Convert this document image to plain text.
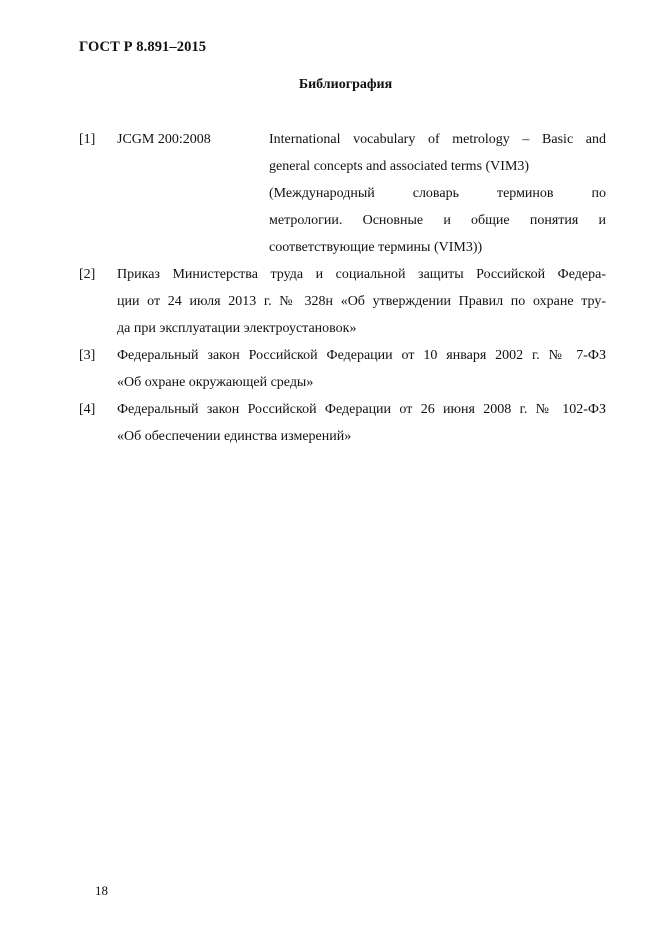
ГОСТ Р 8.891–2015
Библиография
[1] JCGM 200:2008	International vocabulary of metrology – Basic and
general concepts and associated terms (VIM3)
(Международный словарь терминов по
метрологии. Основные и общие понятия и
соответствующие термины (VIM3))
[2] Приказ Министерства труда и социальной защиты Российской Федера-
ции от 24 июля 2013 г. № 328н «Об утверждении Правил по охране тру-
да при эксплуатации электроустановок»
[3] Федеральный закон Российской Федерации от 10 января 2002 г. № 7-ФЗ
«Об охране окружающей среды»
[4] Федеральный закон Российской Федерации от 26 июня 2008 г. № 102-ФЗ
«Об обеспечении единства измерений»
18
